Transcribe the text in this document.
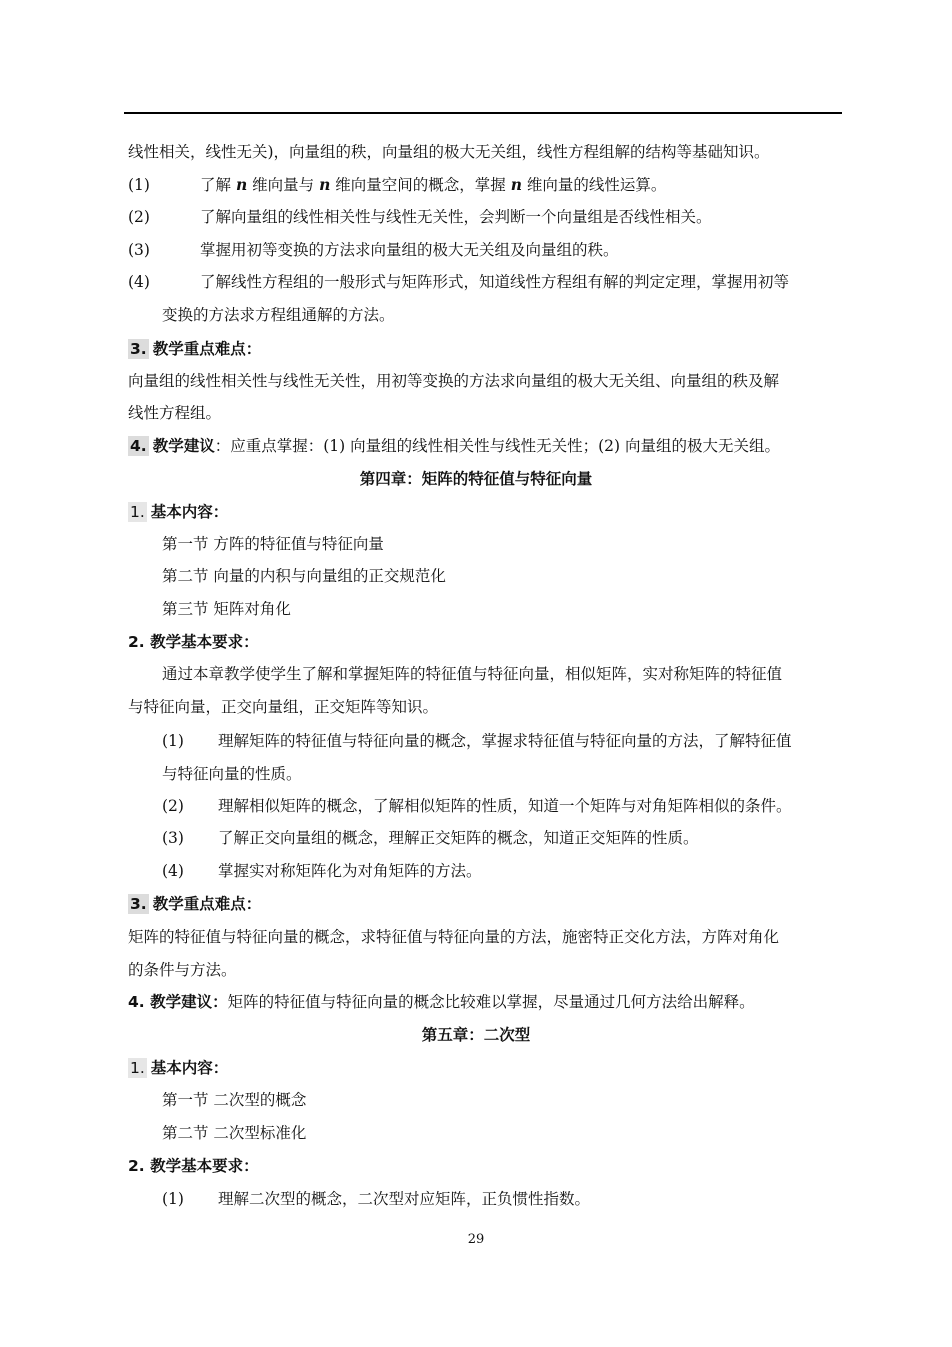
线性相关，线性无关)，向量组的秩，向量组的极大无关组，线性方程组解的结构等基础知识。
(1)	了解 n 维向量与 n 维向量空间的概念，掌握 n 维向量的线性运算。
(2)	了解向量组的线性相关性与线性无关性，会判断一个向量组是否线性相关。
(3)	掌握用初等变换的方法求向量组的极大无关组及向量组的秩。
(4)	了解线性方程组的一般形式与矩阵形式，知道线性方程组有解的判定定理，掌握用初等
变换的方法求方程组通解的方法。
3. 教学重点难点：
向量组的线性相关性与线性无关性，用初等变换的方法求向量组的极大无关组、向量组的秩及解
线性方程组。
4. 教学建议：应重点掌握：(1) 向量组的线性相关性与线性无关性；(2) 向量组的极大无关组。
第四章：矩阵的特征值与特征向量
1. 基本内容：
第一节 方阵的特征值与特征向量
第二节 向量的内积与向量组的正交规范化
第三节 矩阵对角化
2. 教学基本要求：
通过本章教学使学生了解和掌握矩阵的特征值与特征向量，相似矩阵，实对称矩阵的特征值
与特征向量，正交向量组，正交矩阵等知识。
(1) 理解矩阵的特征值与特征向量的概念，掌握求特征值与特征向量的方法，了解特征值
与特征向量的性质。
(2) 理解相似矩阵的概念，了解相似矩阵的性质，知道一个矩阵与对角矩阵相似的条件。
(3) 了解正交向量组的概念，理解正交矩阵的概念，知道正交矩阵的性质。
(4) 掌握实对称矩阵化为对角矩阵的方法。
3. 教学重点难点：
矩阵的特征值与特征向量的概念，求特征值与特征向量的方法，施密特正交化方法，方阵对角化
的条件与方法。
4. 教学建议：矩阵的特征值与特征向量的概念比较难以掌握，尽量通过几何方法给出解释。
第五章：二次型
1. 基本内容：
第一节 二次型的概念
第二节 二次型标准化
2. 教学基本要求：
(1) 理解二次型的概念，二次型对应矩阵，正负惯性指数。
29
